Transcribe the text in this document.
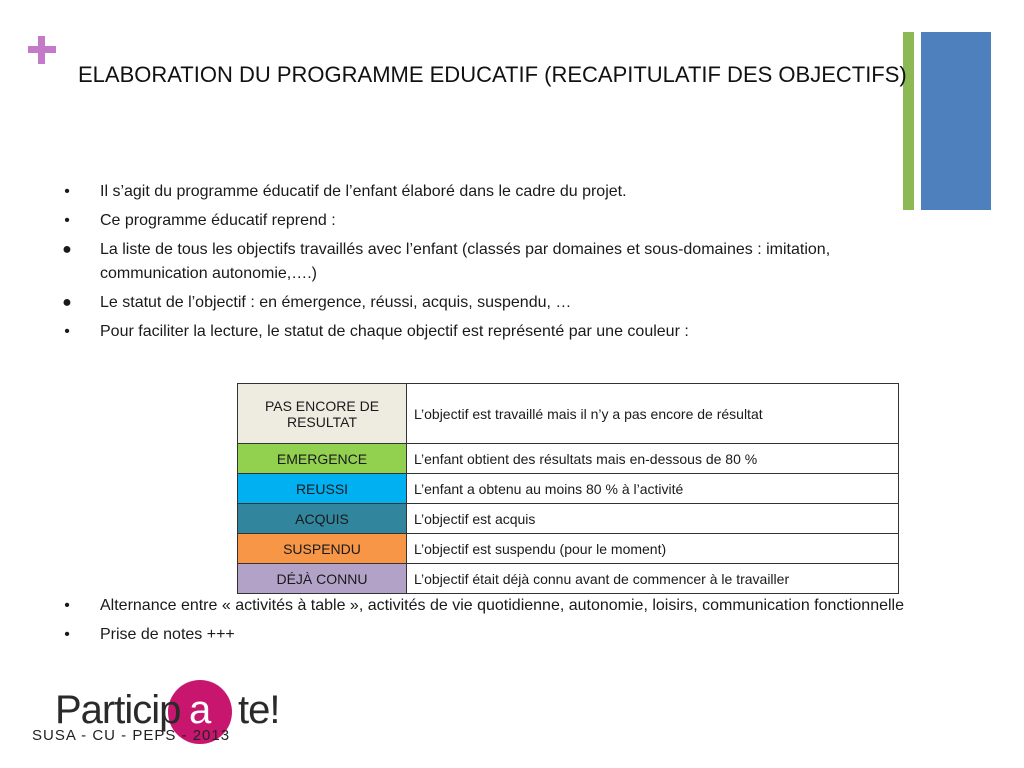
ELABORATION DU PROGRAMME EDUCATIF (RECAPITULATIF DES OBJECTIFS)
• Il s’agit du programme éducatif de l’enfant élaboré dans le cadre du projet.
• Ce programme éducatif reprend :
● La liste de tous les objectifs travaillés avec l’enfant (classés par domaines et sous-domaines : imitation, communication autonomie,….)
● Le statut de l’objectif : en émergence, réussi, acquis, suspendu, …
• Pour faciliter la lecture, le statut de chaque objectif est représenté par une couleur :
PAS ENCORE DE RESULTAT	L’objectif est travaillé mais il n’y a pas encore de résultat
EMERGENCE	L’enfant obtient des résultats mais en-dessous de 80 %
REUSSI	L’enfant a obtenu au moins 80 % à l’activité
ACQUIS	L’objectif est acquis
SUSPENDU	L’objectif est suspendu (pour le moment)
DÉJÀ CONNU	L’objectif était déjà connu avant de commencer à le travailler
• Alternance entre « activités à table », activités de vie quotidienne, autonomie, loisirs, communication fonctionnelle
• Prise de notes +++
Particip a te!
SUSA - CU - PEPS - 2013
